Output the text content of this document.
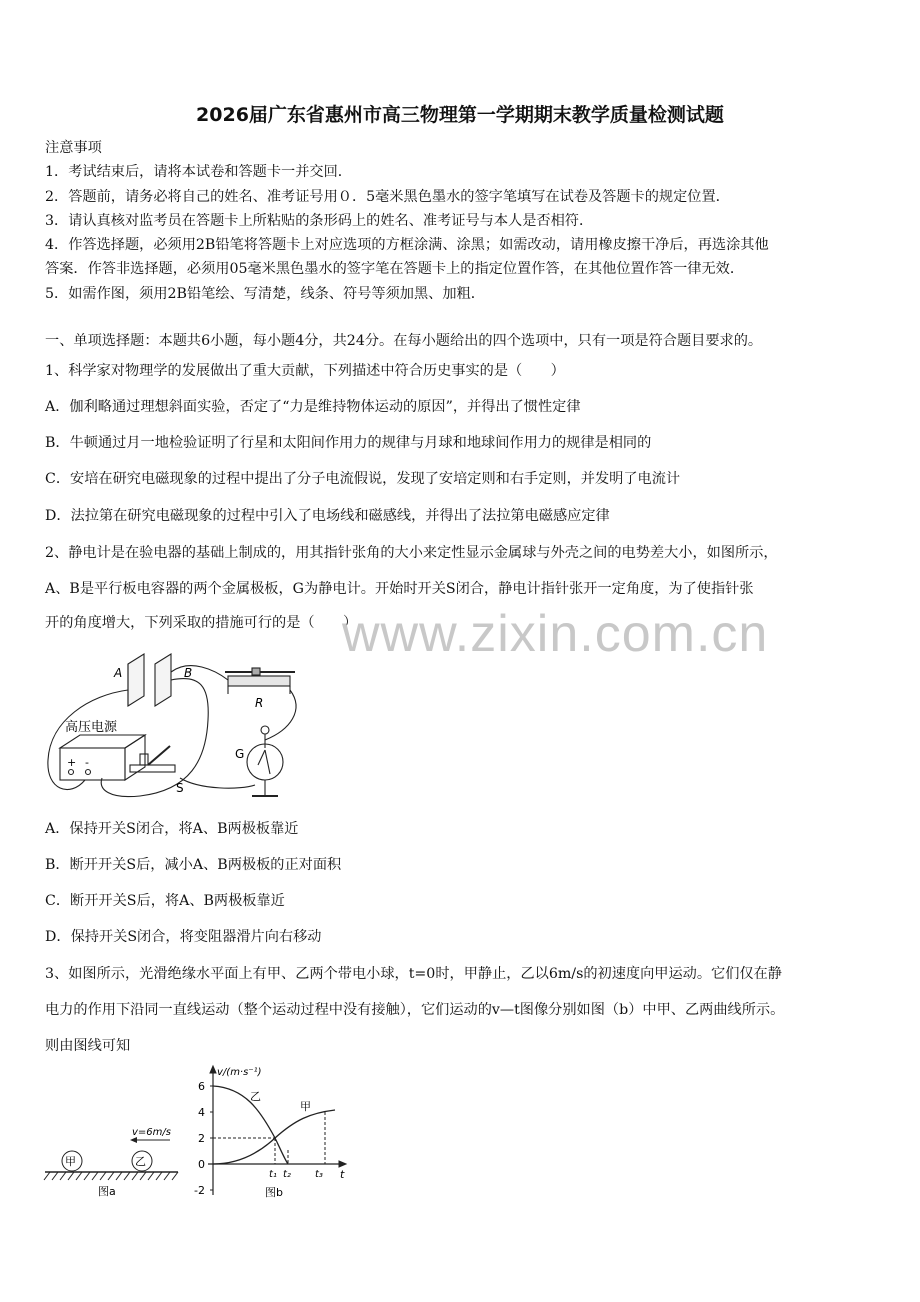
2026届广东省惠州市高三物理第一学期期末教学质量检测试题
注意事项
1．考试结束后，请将本试卷和答题卡一并交回．
2．答题前，请务必将自己的姓名、准考证号用０．5毫米黑色墨水的签字笔填写在试卷及答题卡的规定位置．
3．请认真核对监考员在答题卡上所粘贴的条形码上的姓名、准考证号与本人是否相符．
4．作答选择题，必须用2B铅笔将答题卡上对应选项的方框涂满、涂黑；如需改动，请用橡皮擦干净后，再选涂其他
答案．作答非选择题，必须用05毫米黑色墨水的签字笔在答题卡上的指定位置作答，在其他位置作答一律无效．
5．如需作图，须用2B铅笔绘、写清楚，线条、符号等须加黑、加粗．
一、单项选择题：本题共6小题，每小题4分，共24分。在每小题给出的四个选项中，只有一项是符合题目要求的。
1、科学家对物理学的发展做出了重大贡献，下列描述中符合历史事实的是（　　）
A．伽利略通过理想斜面实验，否定了“力是维持物体运动的原因”，并得出了惯性定律
B．牛顿通过月一地检验证明了行星和太阳间作用力的规律与月球和地球间作用力的规律是相同的
C．安培在研究电磁现象的过程中提出了分子电流假说，发现了安培定则和右手定则，并发明了电流计
D．法拉第在研究电磁现象的过程中引入了电场线和磁感线，并得出了法拉第电磁感应定律
2、静电计是在验电器的基础上制成的，用其指针张角的大小来定性显示金属球与外壳之间的电势差大小，如图所示，
A、B是平行板电容器的两个金属极板，G为静电计。开始时开关S闭合，静电计指针张开一定角度，为了使指针张
开的角度增大，下列采取的措施可行的是（　　）
www.zixin.com.cn
A	B
R
G
高压电源
S
+ -
A．保持开关S闭合，将A、B两极板靠近
B．断开开关S后，减小A、B两极板的正对面积
C．断开开关S后，将A、B两极板靠近
D．保持开关S闭合，将变阻器滑片向右移动
3、如图所示，光滑绝缘水平面上有甲、乙两个带电小球，t=0时，甲静止，乙以6m/s的初速度向甲运动。它们仅在静
电力的作用下沿同一直线运动（整个运动过程中没有接触），它们运动的v—t图像分别如图（b）中甲、乙两曲线所示。
则由图线可知
甲	乙
v=6m/s
图a
v/(m·s⁻¹)
t
6
4
2
0
-2
t₁ t₂ t₃
甲
乙
图b
